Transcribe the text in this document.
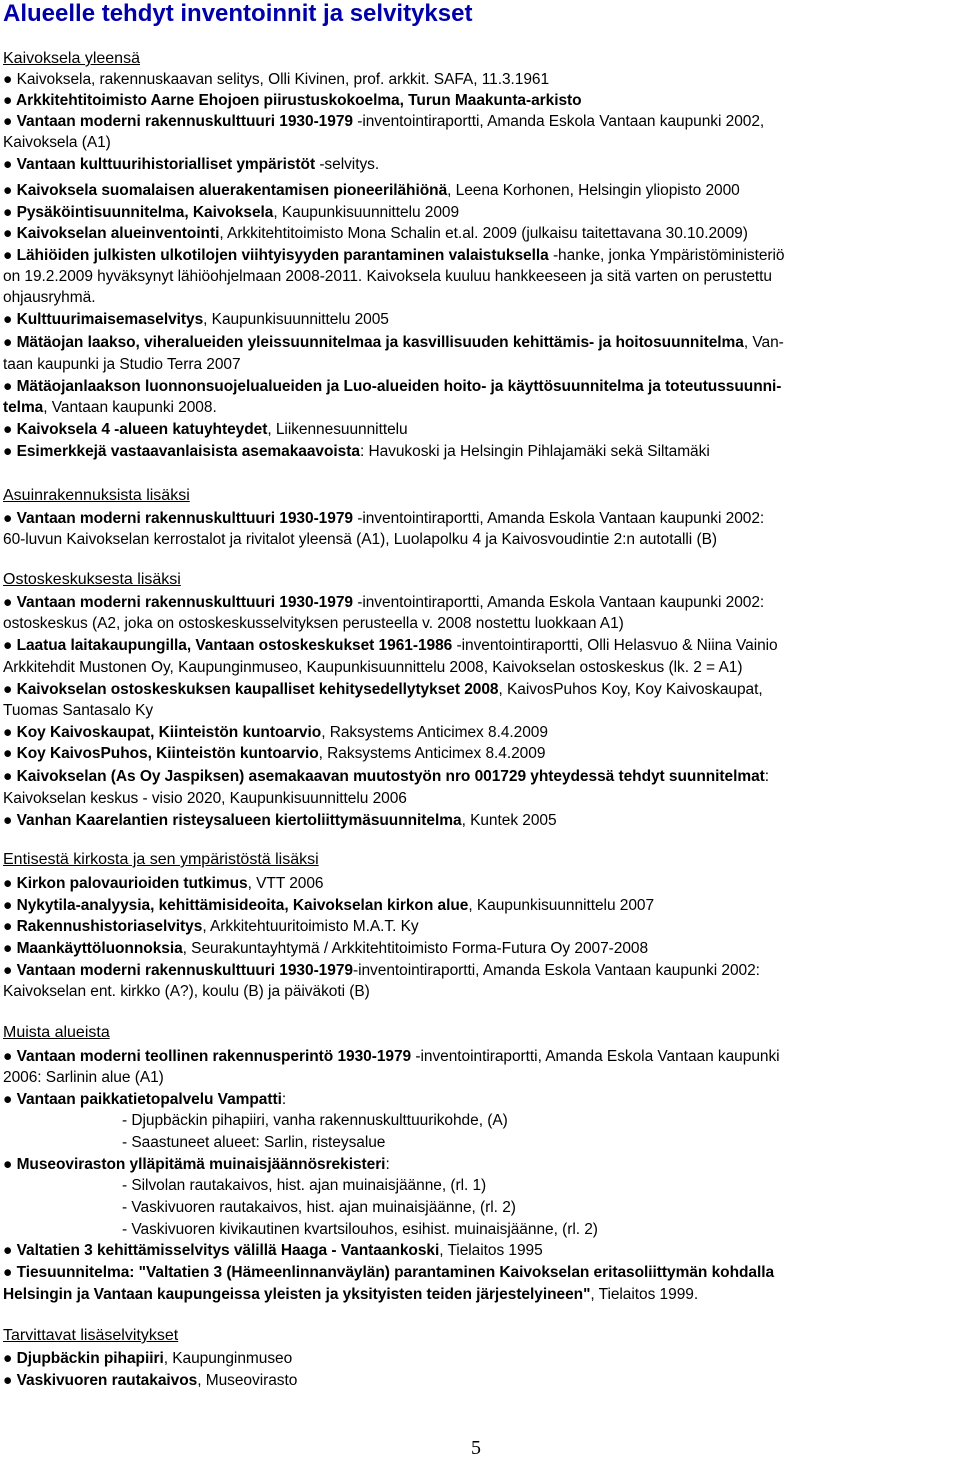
Alueelle tehdyt inventoinnit ja selvitykset
Kaivoksela yleensä
● Kaivoksela, rakennuskaavan selitys, Olli Kivinen, prof. arkkit. SAFA, 11.3.1961
● Arkkitehtitoimisto Aarne Ehojoen piirustuskokoelma, Turun Maakunta-arkisto
● Vantaan moderni rakennuskulttuuri 1930-1979 -inventointiraportti, Amanda Eskola Vantaan kaupunki 2002,
Kaivoksela (A1)
● Vantaan kulttuurihistorialliset ympäristöt -selvitys.
● Kaivoksela suomalaisen aluerakentamisen pioneerilähiönä, Leena Korhonen, Helsingin yliopisto 2000
● Pysäköintisuunnitelma, Kaivoksela, Kaupunkisuunnittelu 2009
● Kaivokselan alueinventointi, Arkkitehtitoimisto Mona Schalin et.al. 2009 (julkaisu taitettavana 30.10.2009)
● Lähiöiden julkisten ulkotilojen viihtyisyyden parantaminen valaistuksella -hanke, jonka Ympäristöministeriö
on 19.2.2009 hyväksynyt lähiöohjelmaan 2008-2011. Kaivoksela kuuluu hankkeeseen ja sitä varten on perustettu
ohjausryhmä.
● Kulttuurimaisemaselvitys, Kaupunkisuunnittelu 2005
● Mätäojan laakso, viheralueiden yleissuunnitelmaa ja kasvillisuuden kehittämis- ja hoitosuunnitelma, Van-
taan kaupunki ja Studio Terra 2007
● Mätäojanlaakson luonnonsuojelualueiden ja Luo-alueiden hoito- ja käyttösuunnitelma ja toteutussuunni-
telma, Vantaan kaupunki 2008.
● Kaivoksela 4 -alueen katuyhteydet, Liikennesuunnittelu
● Esimerkkejä vastaavanlaisista asemakaavoista: Havukoski ja Helsingin Pihlajamäki sekä Siltamäki
Asuinrakennuksista lisäksi
● Vantaan moderni rakennuskulttuuri 1930-1979 -inventointiraportti, Amanda Eskola Vantaan kaupunki 2002:
60-luvun Kaivokselan kerrostalot ja rivitalot yleensä (A1), Luolapolku 4 ja Kaivosvoudintie 2:n autotalli (B)
Ostoskeskuksesta lisäksi
● Vantaan moderni rakennuskulttuuri 1930-1979 -inventointiraportti, Amanda Eskola Vantaan kaupunki 2002:
ostoskeskus (A2, joka on ostoskeskusselvityksen perusteella v. 2008 nostettu luokkaan A1)
● Laatua laitakaupungilla, Vantaan ostoskeskukset 1961-1986 -inventointiraportti, Olli Helasvuo & Niina Vainio
Arkkitehdit Mustonen Oy, Kaupunginmuseo, Kaupunkisuunnittelu 2008, Kaivokselan ostoskeskus (lk. 2 = A1)
● Kaivokselan ostoskeskuksen kaupalliset kehitysedellytykset 2008, KaivosPuhos Koy, Koy Kaivoskaupat,
Tuomas Santasalo Ky
● Koy Kaivoskaupat, Kiinteistön kuntoarvio, Raksystems Anticimex 8.4.2009
● Koy KaivosPuhos, Kiinteistön kuntoarvio, Raksystems Anticimex 8.4.2009
● Kaivokselan (As Oy Jaspiksen) asemakaavan muutostyön nro 001729 yhteydessä tehdyt suunnitelmat:
Kaivokselan keskus - visio 2020, Kaupunkisuunnittelu 2006
● Vanhan Kaarelantien risteysalueen kiertoliittymäsuunnitelma, Kuntek 2005
Entisestä kirkosta ja sen ympäristöstä lisäksi
● Kirkon palovaurioiden tutkimus, VTT 2006
● Nykytila-analyysia, kehittämisideoita, Kaivokselan kirkon alue, Kaupunkisuunnittelu 2007
● Rakennushistoriaselvitys, Arkkitehtuuritoimisto M.A.T. Ky
● Maankäyttöluonnoksia, Seurakuntayhtymä / Arkkitehtitoimisto Forma-Futura Oy 2007-2008
● Vantaan moderni rakennuskulttuuri 1930-1979-inventointiraportti, Amanda Eskola Vantaan kaupunki 2002:
Kaivokselan ent. kirkko (A?), koulu (B) ja päiväkoti (B)
Muista alueista
● Vantaan moderni teollinen rakennusperintö 1930-1979 -inventointiraportti, Amanda Eskola Vantaan kaupunki
2006: Sarlinin alue (A1)
● Vantaan paikkatietopalvelu Vampatti:
- Djupbäckin pihapiiri, vanha rakennuskulttuurikohde, (A)
- Saastuneet alueet: Sarlin, risteysalue
● Museoviraston ylläpitämä muinaisjäännösrekisteri:
- Silvolan rautakaivos, hist. ajan muinaisjäänne, (rl. 1)
- Vaskivuoren rautakaivos, hist. ajan muinaisjäänne, (rl. 2)
- Vaskivuoren kivikautinen kvartsilouhos, esihist. muinaisjäänne, (rl. 2)
● Valtatien 3 kehittämisselvitys välillä Haaga - Vantaankoski, Tielaitos 1995
● Tiesuunnitelma: "Valtatien 3 (Hämeenlinnanväylän) parantaminen Kaivokselan eritasoliittymän kohdalla
Helsingin ja Vantaan kaupungeissa yleisten ja yksityisten teiden järjestelyineen", Tielaitos 1999.
Tarvittavat lisäselvitykset
● Djupbäckin pihapiiri, Kaupunginmuseo
● Vaskivuoren rautakaivos, Museovirasto
5
